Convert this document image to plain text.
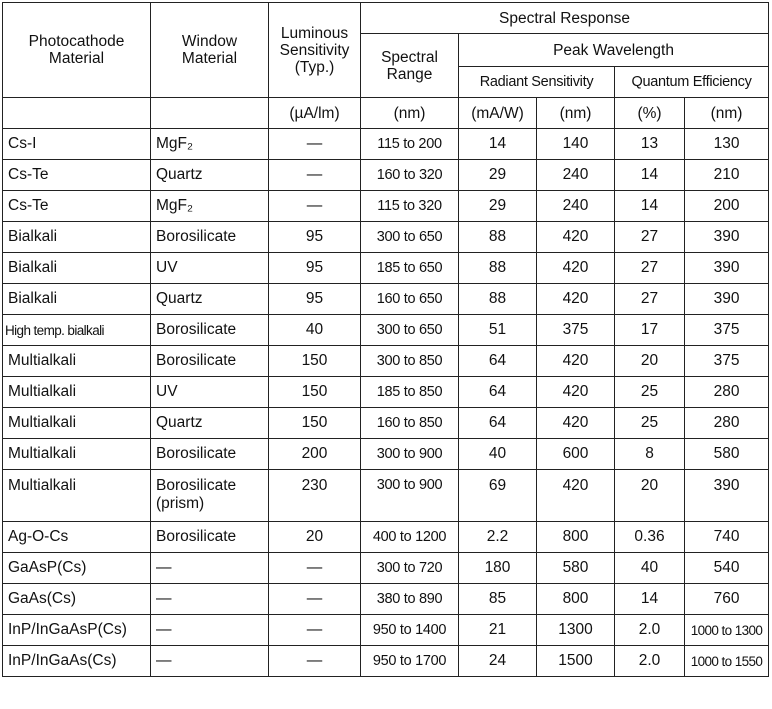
Photocathode Material	Window Material	Luminous Sensitivity (Typ.)	Spectral Response				
			Spectral Range	Peak Wavelength			
				Radiant Sensitivity		Quantum Efficiency	
		(µA/lm)	(nm)	(mA/W)	(nm)	(%)	(nm)
Cs-I	MgF₂	—	115 to 200	14	140	13	130
Cs-Te	Quartz	—	160 to 320	29	240	14	210
Cs-Te	MgF₂	—	115 to 320	29	240	14	200
Bialkali	Borosilicate	95	300 to 650	88	420	27	390
Bialkali	UV	95	185 to 650	88	420	27	390
Bialkali	Quartz	95	160 to 650	88	420	27	390
High temp. bialkali	Borosilicate	40	300 to 650	51	375	17	375
Multialkali	Borosilicate	150	300 to 850	64	420	20	375
Multialkali	UV	150	185 to 850	64	420	25	280
Multialkali	Quartz	150	160 to 850	64	420	25	280
Multialkali	Borosilicate	200	300 to 900	40	600	8	580
Multialkali	Borosilicate (prism)	230	300 to 900	69	420	20	390
Ag-O-Cs	Borosilicate	20	400 to 1200	2.2	800	0.36	740
GaAsP(Cs)	—	—	300 to 720	180	580	40	540
GaAs(Cs)	—	—	380 to 890	85	800	14	760
InP/InGaAsP(Cs)	—	—	950 to 1400	21	1300	2.0	1000 to 1300
InP/InGaAs(Cs)	—	—	950 to 1700	24	1500	2.0	1000 to 1550
